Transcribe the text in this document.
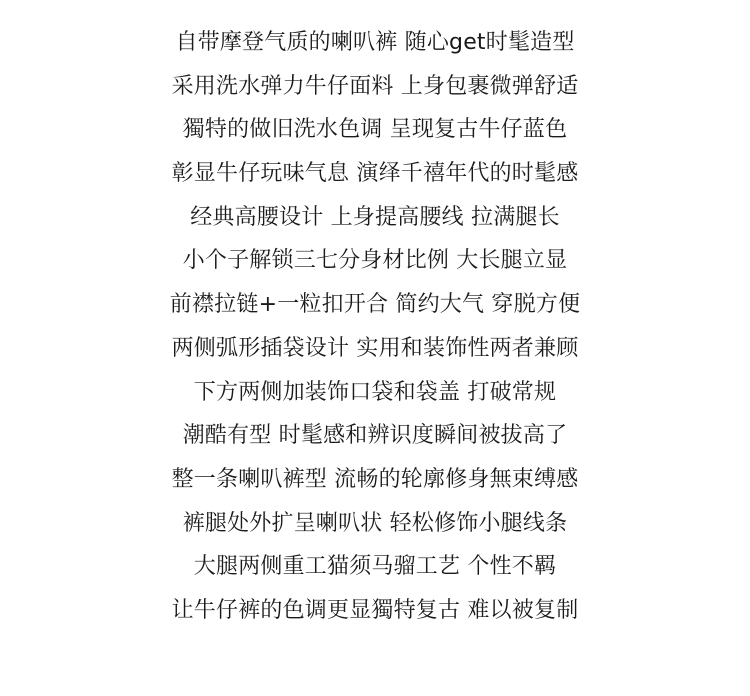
自带摩登气质的喇叭裤 随心get时髦造型
采用洗水弹力牛仔面料 上身包裹微弹舒适
獨特的做旧洗水色调 呈现复古牛仔蓝色
彰显牛仔玩味气息 演绎千禧年代的时髦感
经典高腰设计 上身提高腰线 拉满腿长
小个子解锁三七分身材比例 大长腿立显
前襟拉链+一粒扣开合 简约大气 穿脱方便
两侧弧形插袋设计 实用和装饰性两者兼顾
下方两侧加装饰口袋和袋盖 打破常规
潮酷有型 时髦感和辨识度瞬间被拔高了
整一条喇叭裤型 流畅的轮廓修身無束缚感
裤腿处外扩呈喇叭状 轻松修饰小腿线条
大腿两侧重工猫须马骝工艺 个性不羁
让牛仔裤的色调更显獨特复古 难以被复制
